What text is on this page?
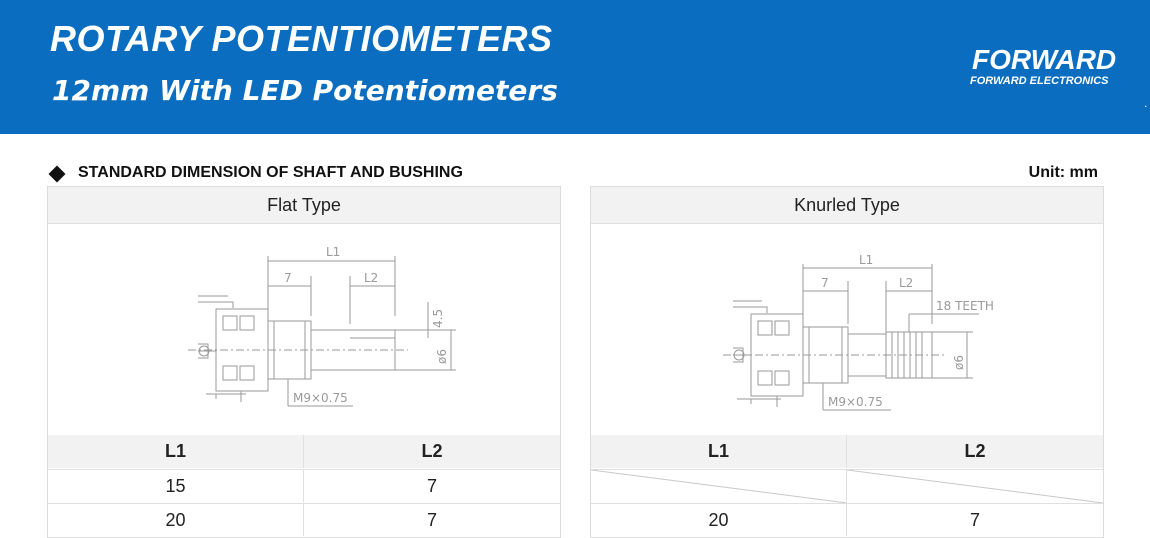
ROTARY POTENTIOMETERS
12mm With LED Potentiometers
FORWARD
FORWARD ELECTRONICS
.
STANDARD DIMENSION OF SHAFT AND BUSHING	Unit: mm
Flat Type
L1
7	L2
4.5
ø6
M9×0.75
L1	L2
15	7
20	7
Knurled Type
L1
7	L2
18 TEETH
ø6
M9×0.75
L1	L2
20	7
